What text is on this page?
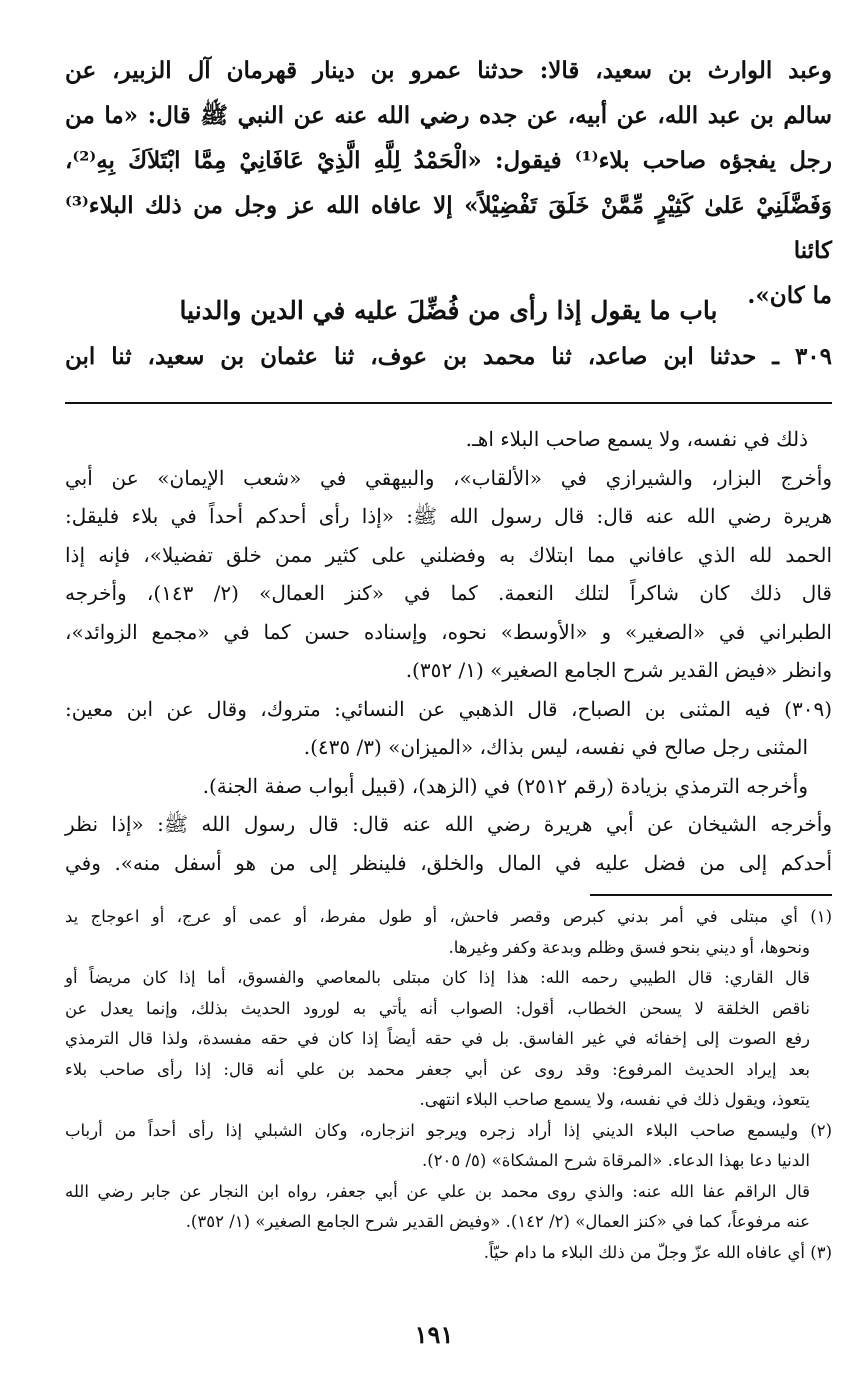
وعبد الوارث بن سعيد، قالا: حدثنا عمرو بن دينار قهرمان آل الزبير، عن
سالم بن عبد الله، عن أبيه، عن جده رضي الله عنه عن النبي ﷺ قال: «ما من
رجل يفجؤه صاحب بلاء⁽¹⁾ فيقول: «الْحَمْدُ لِلَّهِ الَّذِيْ عَافَانِيْ مِمَّا ابْتَلاَكَ بِهِ⁽²⁾،
وَفَضَّلَنِيْ عَلىٰ كَثِيْرٍ مِّمَّنْ خَلَقَ تَفْضِيْلاً» إلا عافاه الله عز وجل من ذلك البلاء⁽³⁾ كائنا
ما كان».
باب ما يقول إذا رأى من فُضِّلَ عليه في الدين والدنيا
٣٠٩ ـ حدثنا ابن صاعد، ثنا محمد بن عوف، ثنا عثمان بن سعيد، ثنا ابن
ذلك في نفسه، ولا يسمع صاحب البلاء اهـ.
وأخرج البزار، والشيرازي في «الألقاب»، والبيهقي في «شعب الإيمان» عن أبي
هريرة رضي الله عنه قال: قال رسول الله ﷺ: «إذا رأى أحدكم أحداً في بلاء فليقل:
الحمد لله الذي عافاني مما ابتلاك به وفضلني على كثير ممن خلق تفضيلا»، فإنه إذا
قال ذلك كان شاكراً لتلك النعمة. كما في «كنز العمال» (٢/ ١٤٣)، وأخرجه
الطبراني في «الصغير» و «الأوسط» نحوه، وإسناده حسن كما في «مجمع الزوائد»،
وانظر «فيض القدير شرح الجامع الصغير» (١/ ٣٥٢).
(٣٠٩) فيه المثنى بن الصباح، قال الذهبي عن النسائي: متروك، وقال عن ابن معين:
المثنى رجل صالح في نفسه، ليس بذاك، «الميزان» (٣/ ٤٣٥).
وأخرجه الترمذي بزيادة (رقم ٢٥١٢) في (الزهد)، (قبيل أبواب صفة الجنة).
وأخرجه الشيخان عن أبي هريرة رضي الله عنه قال: قال رسول الله ﷺ: «إذا نظر
أحدكم إلى من فضل عليه في المال والخلق، فلينظر إلى من هو أسفل منه». وفي
(١) أي مبتلى في أمر بدني كبرص وقصر فاحش، أو طول مفرط، أو عمى أو عرج، أو اعوجاج يد
ونحوها، أو ديني بنحو فسق وظلم وبدعة وكفر وغيرها.
قال القاري: قال الطيبي رحمه الله: هذا إذا كان مبتلى بالمعاصي والفسوق، أما إذا كان مريضاً أو
ناقص الخلقة لا يسحن الخطاب، أقول: الصواب أنه يأتي به لورود الحديث بذلك، وإنما يعدل عن
رفع الصوت إلى إخفائه في غير الفاسق. بل في حقه أيضاً إذا كان في حقه مفسدة، ولذا قال الترمذي
بعد إيراد الحديث المرفوع: وقد روى عن أبي جعفر محمد بن علي أنه قال: إذا رأى صاحب بلاء
يتعوذ، ويقول ذلك في نفسه، ولا يسمع صاحب البلاء انتهى.
(٢) وليسمع صاحب البلاء الديني إذا أراد زجره ويرجو انزجاره، وكان الشبلي إذا رأى أحداً من أرباب
الدنيا دعا بهذا الدعاء. «المرقاة شرح المشكاة» (٥/ ٢٠٥).
قال الراقم عفا الله عنه: والذي روى محمد بن علي عن أبي جعفر، رواه ابن النجار عن جابر رضي الله
عنه مرفوعاً، كما في «كنز العمال» (٢/ ١٤٢). «وفيض القدير شرح الجامع الصغير» (١/ ٣٥٢).
(٣) أي عافاه الله عزّ وجلّ من ذلك البلاء ما دام حيّاً.
١٩١
